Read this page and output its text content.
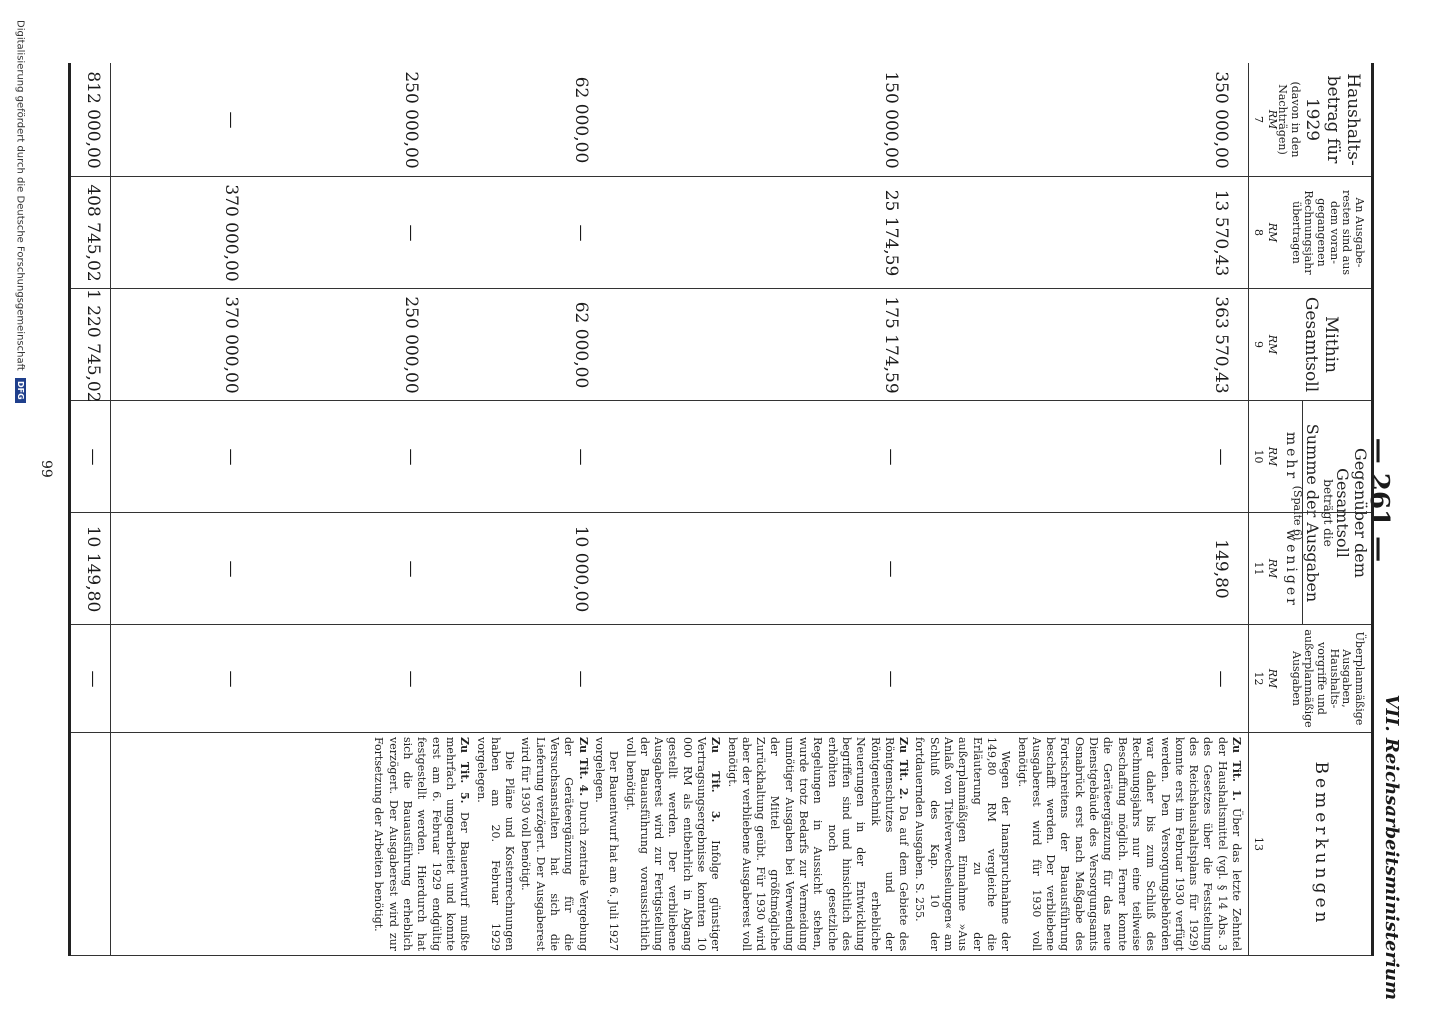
— 261 —
VII. Reichsarbeitsministerium
Haushalts-
betrag für
1929
(davon in den
Nachträgen)
RM
7
An Ausgabe-
resten sind aus
dem voran-
gegangenen
Rechnungsjahr
übertragen
RM
8
Mithin
Gesamtsoll
RM
9
Gegenüber dem Gesamtsoll
beträgt die
Summe der Ausgaben
(Spalte 6)
mehr
RM
10
weniger
RM
11
Überplanmäßige
Ausgaben,
Haushalts-
vorgriffe und
außerplanmäßige
Ausgaben
RM
12
Bemerkungen
13
350 000,00
13 570,43
363 570,43
—
149,80
—
150 000,00
25 174,59
175 174,59
—
—
—
62 000,00
—
62 000,00
—
10 000,00
—
250 000,00
—
250 000,00
—
—
—
—
370 000,00
370 000,00
—
—
—
812 000,00
408 745,02
1 220 745,02
—
10 149,80
—

Zu Tit. 1. Über das letzte Zehntel der Haushaltsmittel (vgl. § 14 Abs. 3 des Gesetzes über die Feststellung des Reichshaushaltsplans für 1929) konnte erst im Februar 1930 verfügt werden. Den Versorgungsbehörden war daher bis zum Schluß des Rechnungsjahrs nur eine teilweise Beschaffung möglich. Ferner konnte die Geräteergänzung für das neue Dienstgebäude des Versorgungsamts Osnabrück erst nach Maßgabe des Fortschreitens der Bauausführung beschafft werden. Der verbliebene Ausgaberest wird für 1930 voll benötigt.

Wegen der Inanspruchnahme der 149,80 RM vergleiche die Erläuterung zu der außerplanmäßigen Einnahme »Aus Anlaß von Titelverwechselungen« am Schluß des Kap. 10 der fortdauernden Ausgaben. S. 255.

Zu Tit. 2. Da auf dem Gebiete des Röntgenschutzes und der Röntgentechnik erhebliche Neuerungen in der Entwicklung begriffen sind und hinsichtlich des erhöhten noch gesetzliche Regelungen in Aussicht stehen, wurde trotz Bedarfs zur Vermeidung unnötiger Ausgaben bei Verwendung der Mittel größtmögliche Zurückhaltung geübt. Für 1930 wird aber der verbliebene Ausgaberest voll benötigt.

Zu Tit. 3. Infolge günstiger Vertragsungsergebnisse konnten 10 000 RM als entbehrlich in Abgang gestellt werden. Der verbliebene Ausgaberest wird zur Fertigstellung der Bauausführung voraussichtlich voll benötigt.

Der Bauentwurf hat am 6. Juli 1927 vorgelegen.

Zu Tit. 4. Durch zentrale Vergebung der Geräteergänzung für die Versuchsanstalten hat sich die Lieferung verzögert. Der Ausgaberest wird für 1930 voll benötigt.

Die Pläne und Kostenrechnungen haben am 20. Februar 1929 vorgelegen.

Zu Tit. 5. Der Bauentwurf mußte mehrfach umgearbeitet und konnte erst am 6. Februar 1929 endgültig festgestellt werden. Hierdurch hat sich die Bauausführung erheblich verzögert. Der Ausgaberest wird zur Fortsetzung der Arbeiten benötigt.

99
Digitalisierung gefördert durch die Deutsche Forschungsgemeinschaft DFG
